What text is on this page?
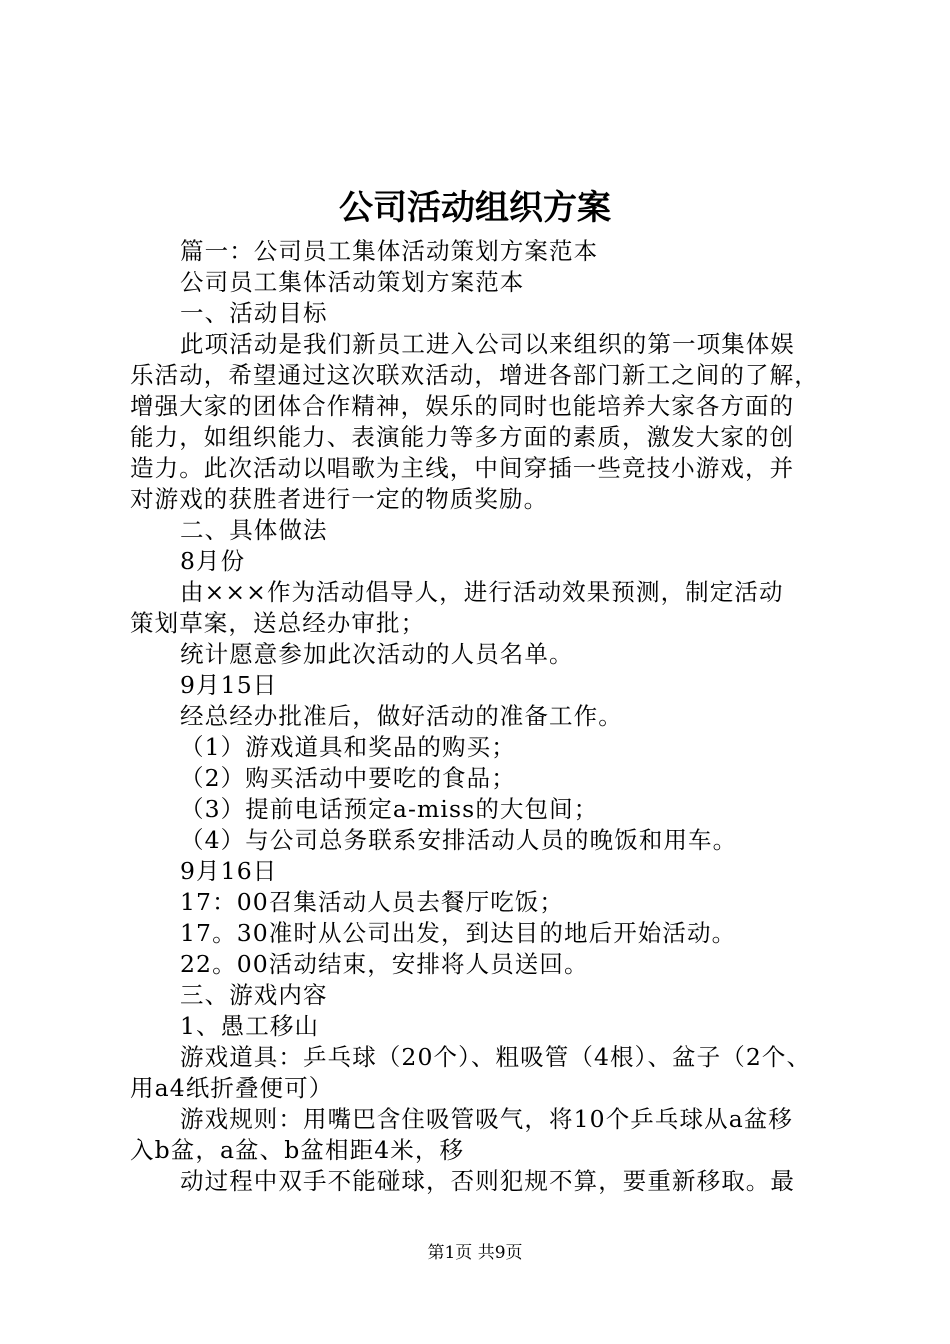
公司活动组织方案

篇一：公司员工集体活动策划方案范本

公司员工集体活动策划方案范本

一、活动目标

此项活动是我们新员工进入公司以来组织的第一项集体娱

乐活动，希望通过这次联欢活动，增进各部门新工之间的了解，

增强大家的团体合作精神，娱乐的同时也能培养大家各方面的

能力，如组织能力、表演能力等多方面的素质，激发大家的创

造力。此次活动以唱歌为主线，中间穿插一些竞技小游戏，并

对游戏的获胜者进行一定的物质奖励。

二、具体做法

8月份

由×××作为活动倡导人，进行活动效果预测，制定活动

策划草案，送总经办审批；

统计愿意参加此次活动的人员名单。

9月15日

经总经办批准后，做好活动的准备工作。

（1）游戏道具和奖品的购买；

（2）购买活动中要吃的食品；

（3）提前电话预定a-miss的大包间；

（4）与公司总务联系安排活动人员的晚饭和用车。

9月16日

17：00召集活动人员去餐厅吃饭；

17。30准时从公司出发，到达目的地后开始活动。

22。00活动结束，安排将人员送回。

三、游戏内容

1、愚工移山

游戏道具：乒乓球（20个）、粗吸管（4根）、盆子（2个、

用a4纸折叠便可）

游戏规则：用嘴巴含住吸管吸气，将10个乒乓球从a盆移

入b盆，a盆、b盆相距4米，移

动过程中双手不能碰球，否则犯规不算，要重新移取。最

第1页 共9页
